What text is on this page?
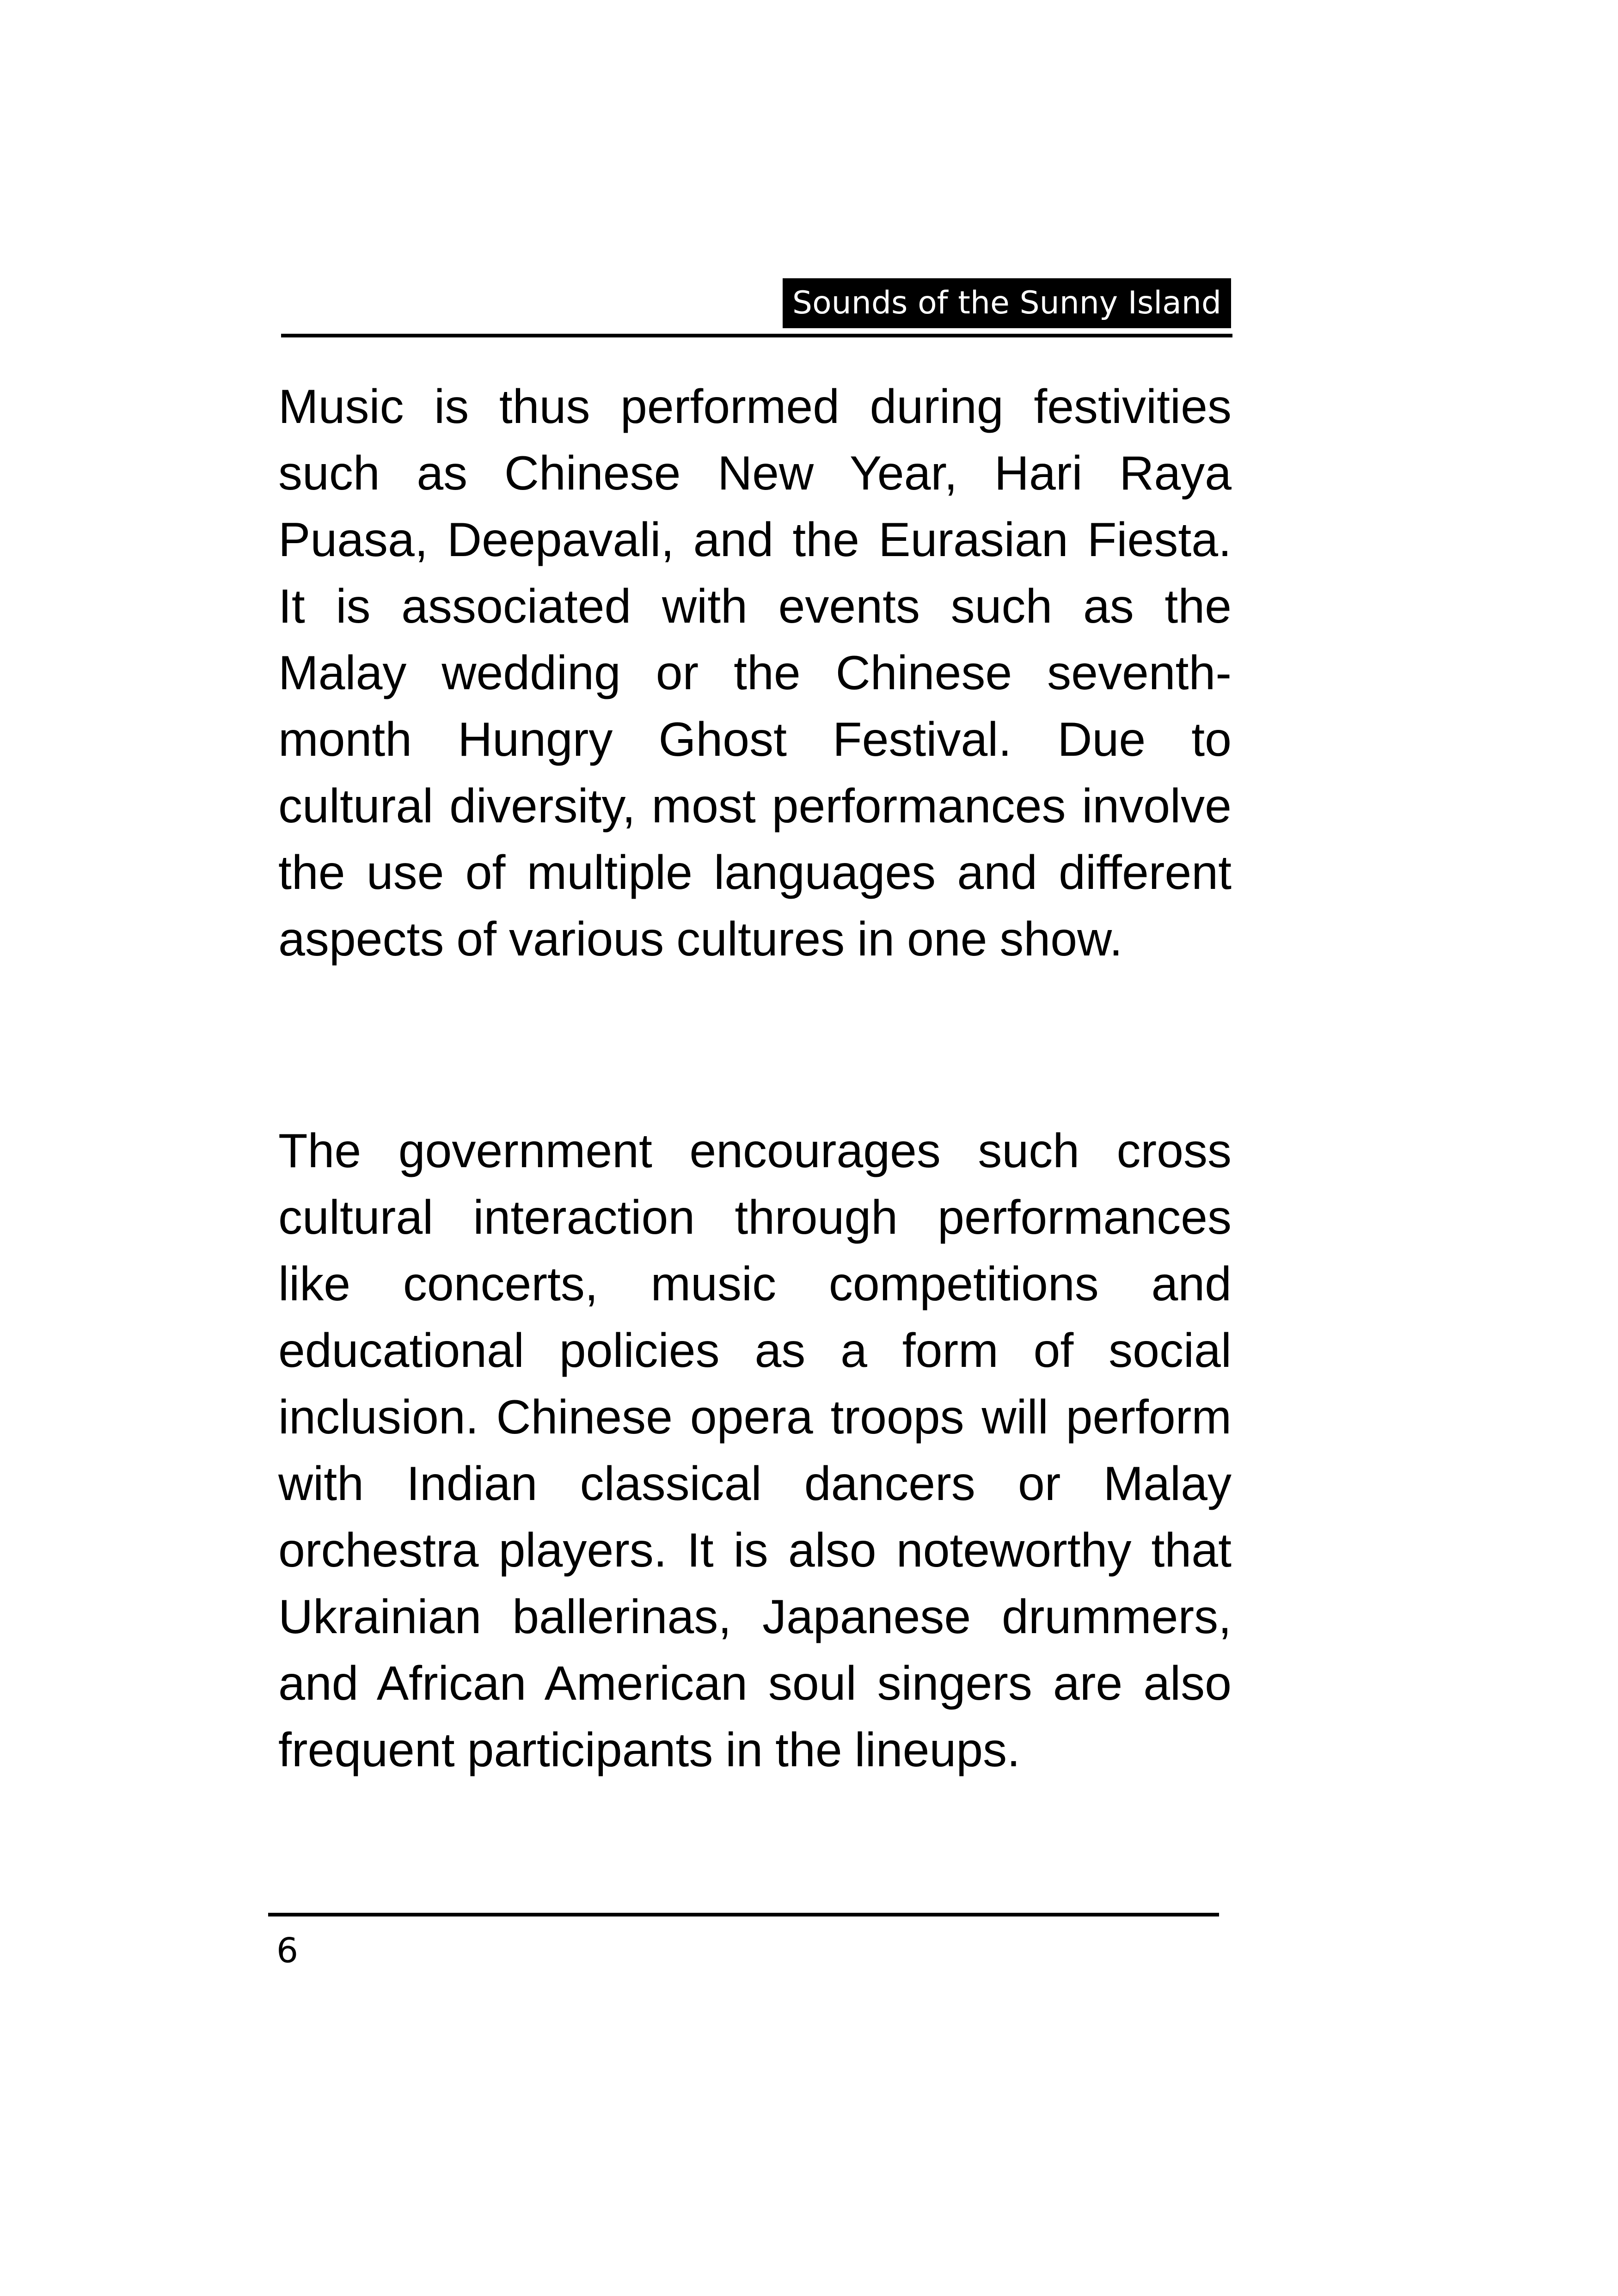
Sounds of the Sunny Island

Music is thus performed during festivities such as Chinese New Year, Hari Raya Puasa, Deepavali, and the Eurasian Fiesta. It is associated with events such as the Malay wedding or the Chinese seventh-month Hungry Ghost Festival. Due to cultural diversity, most performances involve the use of multiple languages and different aspects of various cultures in one show.

The government encourages such cross cultural interaction through performances like concerts, music competitions and educational policies as a form of social inclusion. Chinese opera troops will perform with Indian classical dancers or Malay orchestra players. It is also noteworthy that Ukrainian ballerinas, Japanese drummers, and African American soul singers are also frequent participants in the lineups.

6
